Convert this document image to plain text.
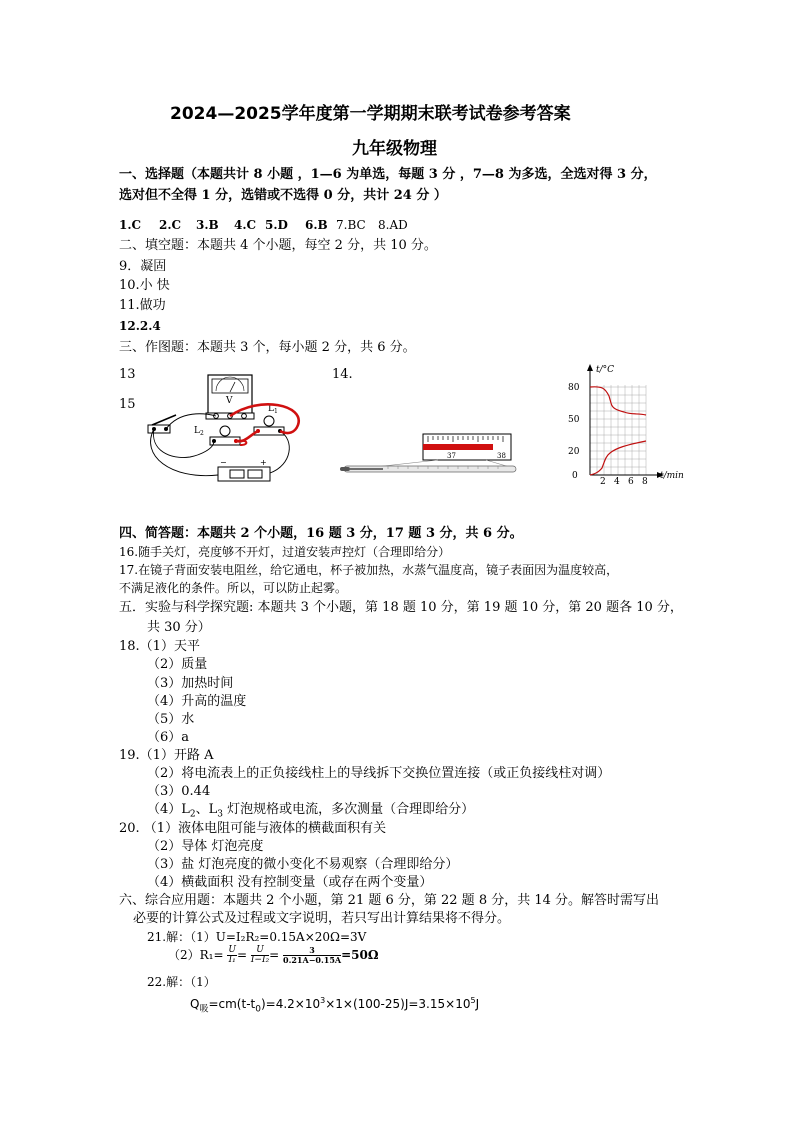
2024—2025学年度第一学期期末联考试卷参考答案
九年级物理
一、选择题（本题共计 8 小题 ，1—6 为单选，每题 3 分 ，7—8 为多选，全选对得 3 分，
选对但不全得 1 分，选错或不选得 0 分，共计 24 分 ）
1.C 2.C 3.B 4.C 5.D 6.B 7.BC 8.AD
二、填空题：本题共 4 个小题，每空 2 分，共 10 分。
9．凝固
10.小 快
11.做功
12.2.4
三、作图题：本题共 3 个，每小题 2 分，共 6 分。
13	14.
15	V
$L_2$
$L_1$
−	+
37	38
t/°C
t/min
80
50
20
0
2 4 6 8
四、简答题：本题共 2 个小题，16 题 3 分，17 题 3 分，共 6 分。
16.随手关灯，亮度够不开灯，过道安装声控灯（合理即给分）
17.在镜子背面安装电阻丝，给它通电，杯子被加热，水蒸气温度高，镜子表面因为温度较高，
不满足液化的条件。所以，可以防止起雾。
五．实验与科学探究题: 本题共 3 个小题，第 18 题 10 分，第 19 题 10 分，第 20 题各 10 分，
共 30 分）
18.（1）天平
（2）质量
（3）加热时间
（4）升高的温度
（5）水
（6）a
19.（1）开路 A
（2）将电流表上的正负接线柱上的导线拆下交换位置连接（或正负接线柱对调）
（3）0.44
$(4)L_2$、$L_3$ 灯泡规格或电流，多次测量（合理即给分）
20. （1）液体电阻可能与液体的横截面积有关
（2）导体 灯泡亮度
（3）盐 灯泡亮度的微小变化不易观察（合理即给分）
（4）横截面积 没有控制变量（或存在两个变量）
六、综合应用题：本题共 2 个小题，第 21 题 6 分，第 22 题 8 分，共 14 分。解答时需写出
必要的计算公式及过程或文字说明，若只写出计算结果将不得分。
21.解：（1）U=I₂R₂=0.15A×20Ω=3V
$(2)R_1= \frac{U}{\text{I₁}} = \frac{U}{\text{I−I₂}} = \frac{3}{0.21A-0.15A} =50\Omega$
22.解：（1）
$Q_吸=cm(t-t_0)=4.2\times 10^3\times 1\times(100-25)J=3.15\times 10^5J$
